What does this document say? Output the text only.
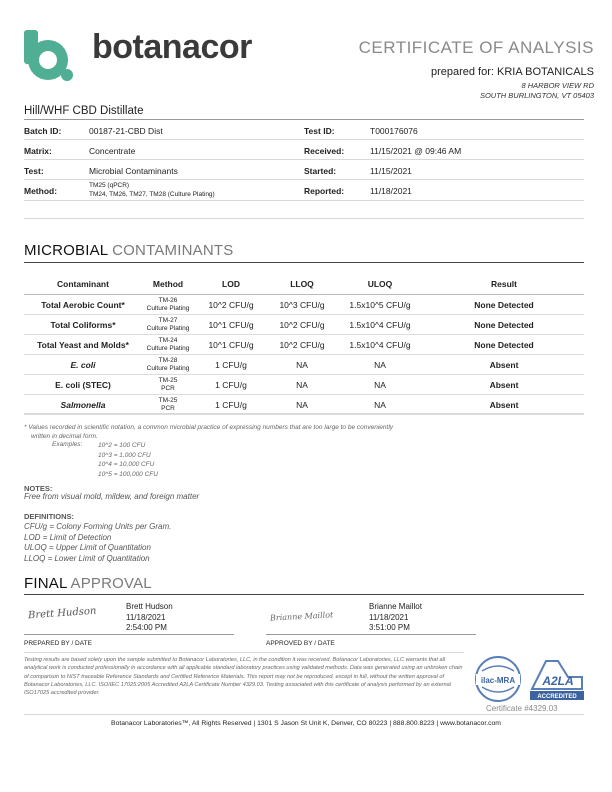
botanacor	CERTIFICATE OF ANALYSIS
prepared for: KRIA BOTANICALS
8 HARBOR VIEW RD
SOUTH BURLINGTON, VT 05403
Hill/WHF CBD Distillate
Batch ID:	00187-21-CBD Dist	Test ID:	T000176076
Matrix:	Concentrate	Received:	11/15/2021 @ 09:46 AM
Test:	Microbial Contaminants	Started:	11/15/2021
Method:
TM25 (qPCR)
TM24, TM26, TM27, TM28 (Culture Plating)	Reported:	11/18/2021
MICROBIAL CONTAMINANTS
Contaminant	Method	LOD	LLOQ	ULOQ	Result
Total Aerobic Count*	TM-26
Culture Plating	10^2 CFU/g	10^3 CFU/g	1.5x10^5 CFU/g	None Detected
Total Coliforms*	TM-27
Culture Plating	10^1 CFU/g	10^2 CFU/g	1.5x10^4 CFU/g	None Detected
Total Yeast and Molds*	TM-24
Culture Plating	10^1 CFU/g	10^2 CFU/g	1.5x10^4 CFU/g	None Detected
E. coli	TM-28
Culture Plating	1 CFU/g	NA	NA	Absent
E. coli (STEC)	TM-25
PCR	1 CFU/g	NA	NA	Absent
Salmonella	TM-25
PCR	1 CFU/g	NA	NA	Absent
* Values recorded in scientific notation, a common microbial practice of expressing numbers that are too large to be conveniently
written in decimal form.
Examples: 10^2 = 100 CFU
10^3 = 1,000 CFU
10^4 = 10,000 CFU
10^5 = 100,000 CFU
NOTES:
Free from visual mold, mildew, and foreign matter
DEFINITIONS:
CFU/g = Colony Forming Units per Gram.
LOD = Limit of Detection
ULOQ = Upper Limit of Quantitation
LLOQ = Lower Limit of Quantitation
FINAL APPROVAL
Brett Hudson	Brett Hudson
11/18/2021
2:54:00 PM
PREPARED BY / DATE
Brianne Maillot
Brianne Maillot
11/18/2021
3:51:00 PM
APPROVED BY / DATE
Testing results are based solely upon the sample submitted to Botanacor Laboratories, LLC, in the condition it was received. Botanacor Laboratories, LLC warrants that all analytical work is conducted professionally in accordance with all applicable standard laboratory practices using validated methods. Data was generated using an unbroken chain of comparison to NIST traceable Reference Standards and Certified Reference Materials. This report may not be reproduced, except in full, without the written approval of Botanacor Laboratories, LLC. ISO/IEC 17025:2005 Accredited A2LA Certificate Number 4329.03. Testing associated with this certificate of analysis performed by an external ISO17025 accredited provider.
ilac-MRA A2LA
ACCREDITED
Certificate #4329.03
Botanacor Laboratories™, All Rights Reserved | 1301 S Jason St Unit K, Denver, CO 80223 | 888.800.8223 | www.botanacor.com
